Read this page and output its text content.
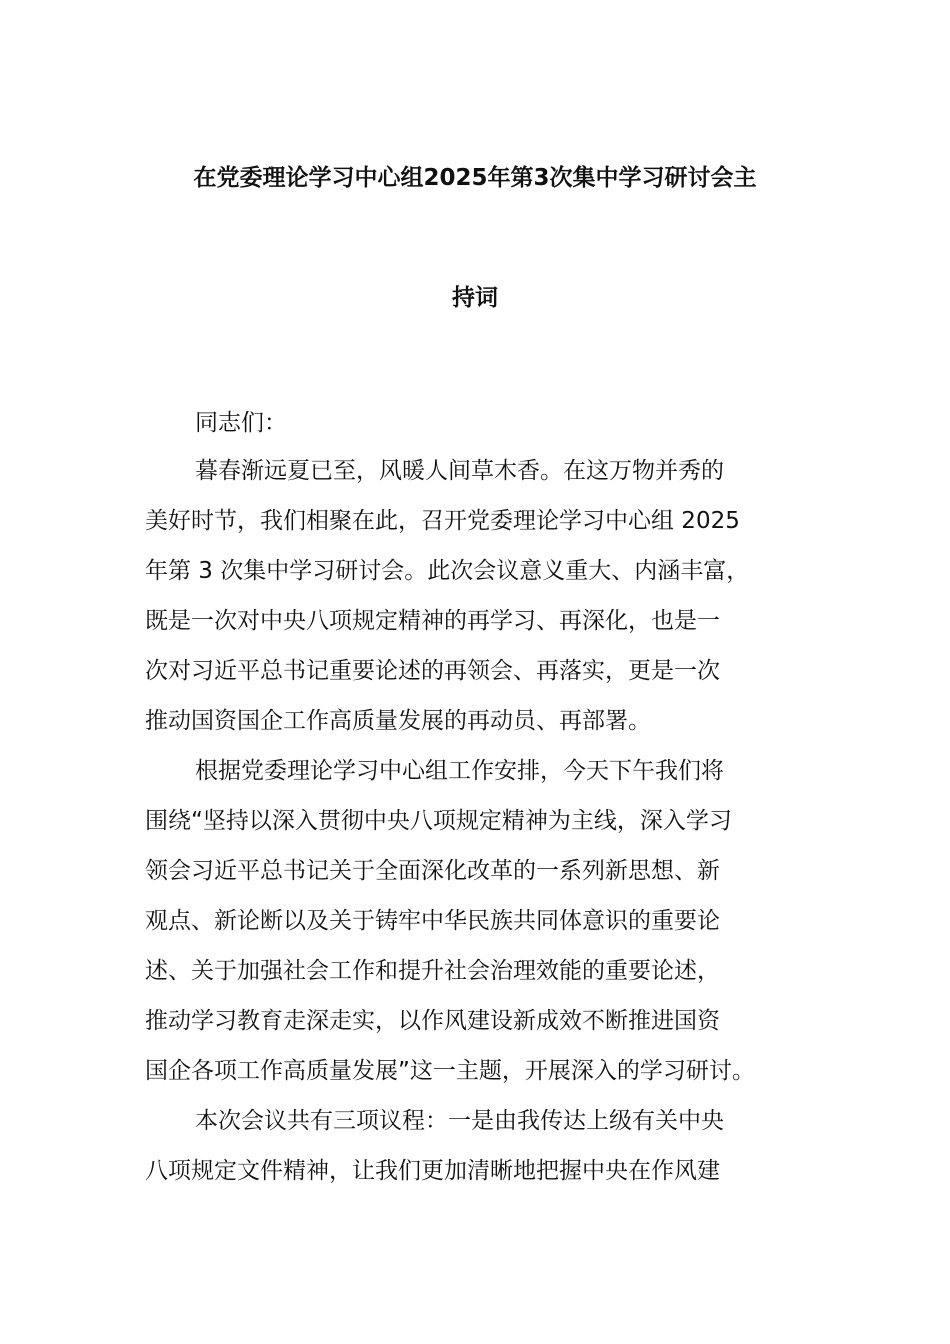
在党委理论学习中心组2025年第3次集中学习研讨会主
持词
同志们：
暮春渐远夏已至，风暖人间草木香。在这万物并秀的
美好时节，我们相聚在此，召开党委理论学习中心组 2025
年第 3 次集中学习研讨会。此次会议意义重大、内涵丰富，
既是一次对中央八项规定精神的再学习、再深化，也是一
次对习近平总书记重要论述的再领会、再落实，更是一次
推动国资国企工作高质量发展的再动员、再部署。
根据党委理论学习中心组工作安排，今天下午我们将
围绕“坚持以深入贯彻中央八项规定精神为主线，深入学习
领会习近平总书记关于全面深化改革的一系列新思想、新
观点、新论断以及关于铸牢中华民族共同体意识的重要论
述、关于加强社会工作和提升社会治理效能的重要论述，
推动学习教育走深走实，以作风建设新成效不断推进国资
国企各项工作高质量发展”这一主题，开展深入的学习研讨。
本次会议共有三项议程：一是由我传达上级有关中央
八项规定文件精神，让我们更加清晰地把握中央在作风建
